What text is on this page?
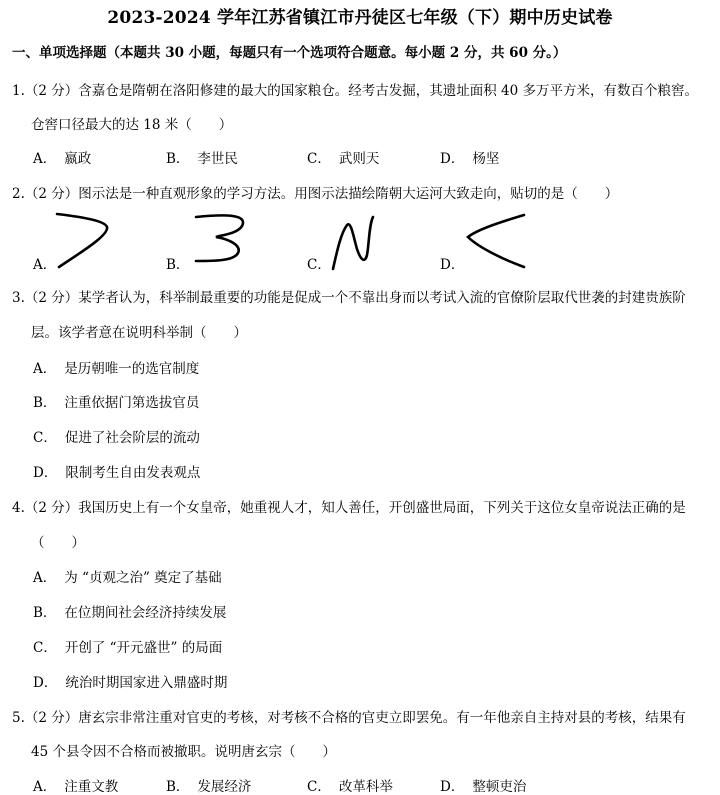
2023-2024 学年江苏省镇江市丹徒区七年级（下）期中历史试卷
一、单项选择题（本题共 30 小题，每题只有一个选项符合题意。每小题 2 分，共 60 分。）
1.（2 分）含嘉仓是隋朝在洛阳修建的最大的国家粮仓。经考古发掘，其遗址面积 40 多万平方米，有数百个粮窖。
仓窖口径最大的达 18 米（　　）
A． 嬴政	B． 李世民	C． 武则天	D． 杨坚
2.（2 分）图示法是一种直观形象的学习方法。用图示法描绘隋朝大运河大致走向，贴切的是（　　）
A．	B．	C．	D．
3.（2 分）某学者认为，科举制最重要的功能是促成一个不靠出身而以考试入流的官僚阶层取代世袭的封建贵族阶
层。该学者意在说明科举制（　　）
A． 是历朝唯一的选官制度
B． 注重依据门第选拔官员
C． 促进了社会阶层的流动
D． 限制考生自由发表观点
4.（2 分）我国历史上有一个女皇帝，她重视人才，知人善任，开创盛世局面，下列关于这位女皇帝说法正确的是
（　　）
A． 为 “贞观之治” 奠定了基础
B． 在位期间社会经济持续发展
C． 开创了 “开元盛世” 的局面
D． 统治时期国家进入鼎盛时期
5.（2 分）唐玄宗非常注重对官吏的考核，对考核不合格的官吏立即罢免。有一年他亲自主持对县的考核，结果有
45 个县令因不合格而被撤职。说明唐玄宗（　　）
A． 注重文教	B． 发展经济	C． 改革科举	D． 整顿吏治
